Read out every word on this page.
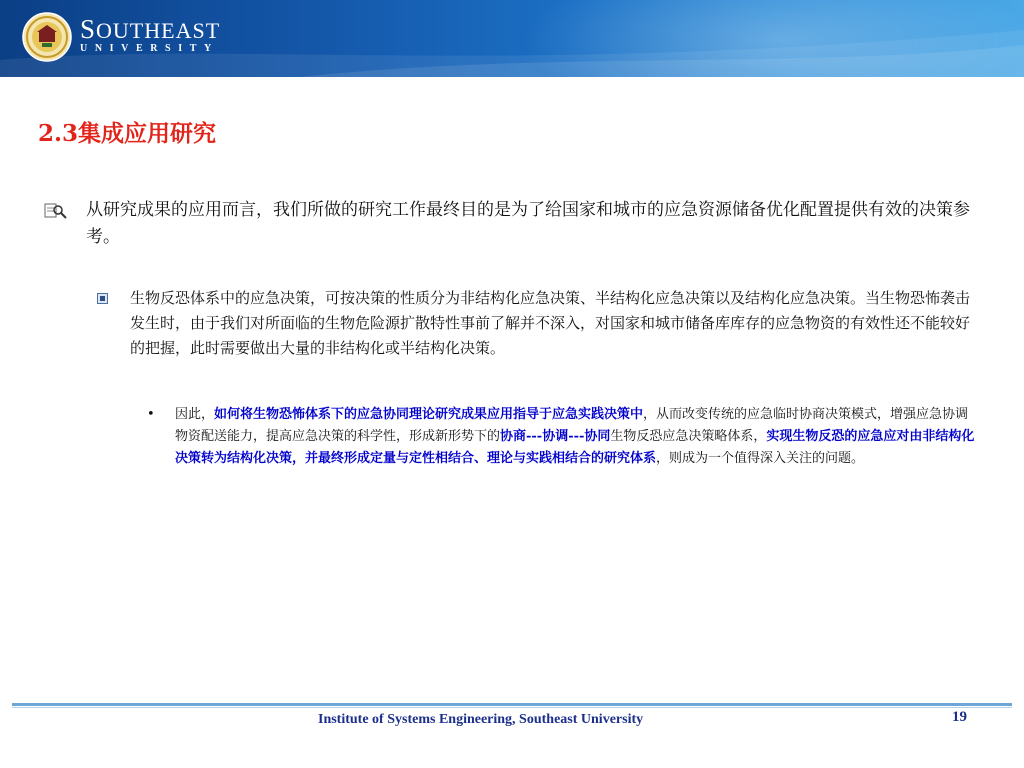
SOUTHEAST
UNIVERSITY
2.3集成应用研究
从研究成果的应用而言，我们所做的研究工作最终目的是为了给国家和城市的应急资源储备优化配置提供有效的决策参考。
生物反恐体系中的应急决策，可按决策的性质分为非结构化应急决策、半结构化应急决策以及结构化应急决策。当生物恐怖袭击发生时，由于我们对所面临的生物危险源扩散特性事前了解并不深入，对国家和城市储备库库存的应急物资的有效性还不能较好的把握，此时需要做出大量的非结构化或半结构化决策。
• 因此，如何将生物恐怖体系下的应急协同理论研究成果应用指导于应急实践决策中，从而改变传统的应急临时协商决策模式，增强应急协调物资配送能力，提高应急决策的科学性，形成新形势下的协商---协调---协同生物反恐应急决策略体系，实现生物反恐的应急应对由非结构化决策转为结构化决策，并最终形成定量与定性相结合、理论与实践相结合的研究体系，则成为一个值得深入关注的问题。
Institute of Systems Engineering, Southeast University	19
